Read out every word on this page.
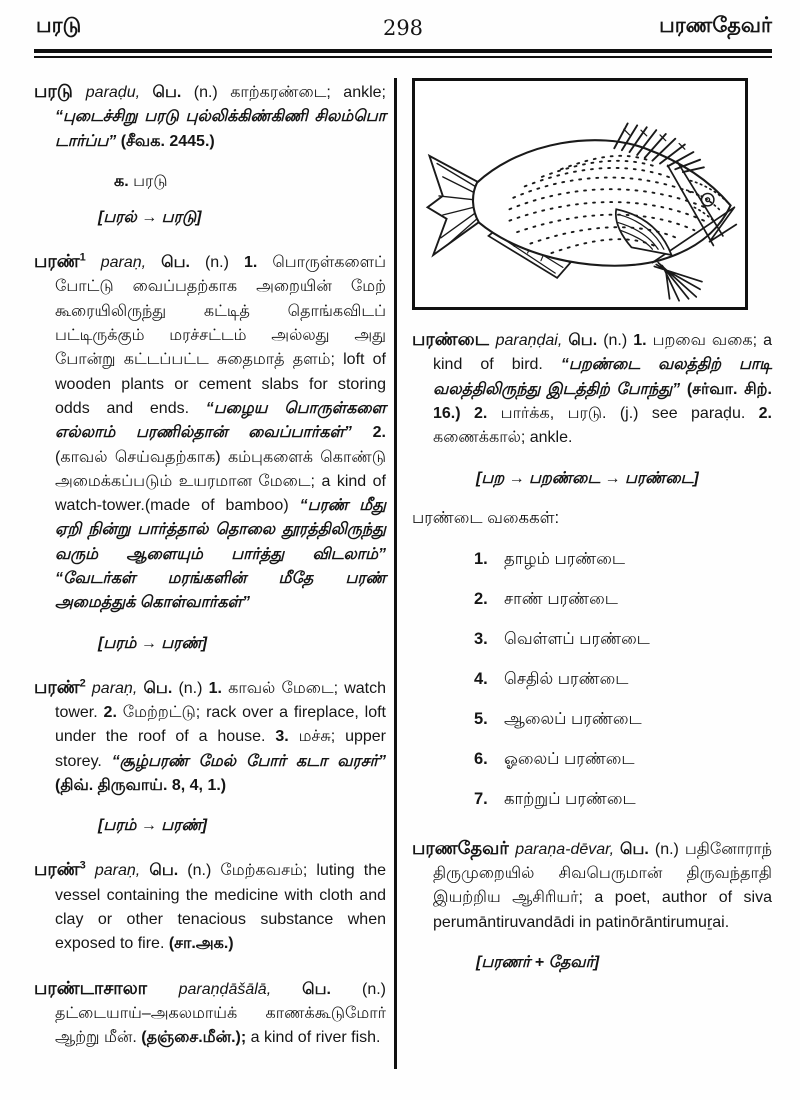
பரடு	298	பரணதேவர்

பரடு paraḍu, பெ. (n.) காற்கரண்டை; ankle; “புடைச்சிறு பரடு புல்லிக்கிண்கிணி சிலம்பொ டார்ப்ப” (சீவக. 2445.)

க. பரடு

[பரல் → பரடு]

பரண்$^1$ paraṇ, பெ. (n.) 1. பொருள்களைப் போட்டு வைப்பதற்காக அறையின் மேற் கூரையிலிருந்து கட்டித் தொங்கவிடப் பட்டிருக்கும் மரச்சட்டம் அல்லது அது போன்று கட்டப்பட்ட சுதைமாத் தளம்; loft of wooden plants or cement slabs for storing odds and ends. “பழைய பொருள்களை எல்லாம் பரணில்தான் வைப்பார்கள்” 2. (காவல் செய்வதற்காக) கம்புகளைக் கொண்டு அமைக்கப்படும் உயரமான மேடை; a kind of watch-tower.(made of bamboo) “பரண் மீது ஏறி நின்று பார்த்தால் தொலை தூரத்திலிருந்து வரும் ஆளையும் பார்த்து விடலாம்” “வேடர்கள் மரங்களின் மீதே பரண் அமைத்துக் கொள்வார்கள்”

[பரம் → பரண்]

பரண்$^2$ paraṇ, பெ. (n.) 1. காவல் மேடை; watch tower. 2. மேற்றட்டு; rack over a fireplace, loft under the roof of a house. 3. மச்சு; upper storey. “சூழ்பரண் மேல் போர் கடா வரசர்” (திவ். திருவாய். 8, 4, 1.)

[பரம் → பரண்]

பரண்$^3$ paraṇ, பெ. (n.) மேற்கவசம்; luting the vessel containing the medicine with cloth and clay or other tenacious substance when exposed to fire. (சா.அக.)

பரண்டாசாலா paraṇḍāšālā, பெ. (n.) தட்டையாய்–அகலமாய்க் காணக்கூடுமோர் ஆற்று மீன். (தஞ்சை.மீன்.); a kind of river fish.

பரண்டை paraṇḍai, பெ. (n.) 1. பறவை வகை; a kind of bird. “பறண்டை வலத்திற் பாடி வலத்திலிருந்து இடத்திற் போந்து” (சர்வா. சிற். 16.) 2. பார்க்க, பரடு. (j.) see paraḍu. 2. கணைக்கால்; ankle.

[பற → பறண்டை → பரண்டை]

பரண்டை வகைகள்:

1. தாழம் பரண்டை
2. சாண் பரண்டை
3. வெள்ளப் பரண்டை
4. செதில் பரண்டை
5. ஆலைப் பரண்டை
6. ஓலைப் பரண்டை
7. காற்றுப் பரண்டை

பரணதேவர் paraṇa-dēvar, பெ. (n.) பதினோராந் திருமுறையில் சிவபெருமான் திருவந்தாதி இயற்றிய ஆசிரியர்; a poet, author of siva perumāntiruvandādi in patinōrāntirumuṟai.

[பரணர் + தேவர்]
